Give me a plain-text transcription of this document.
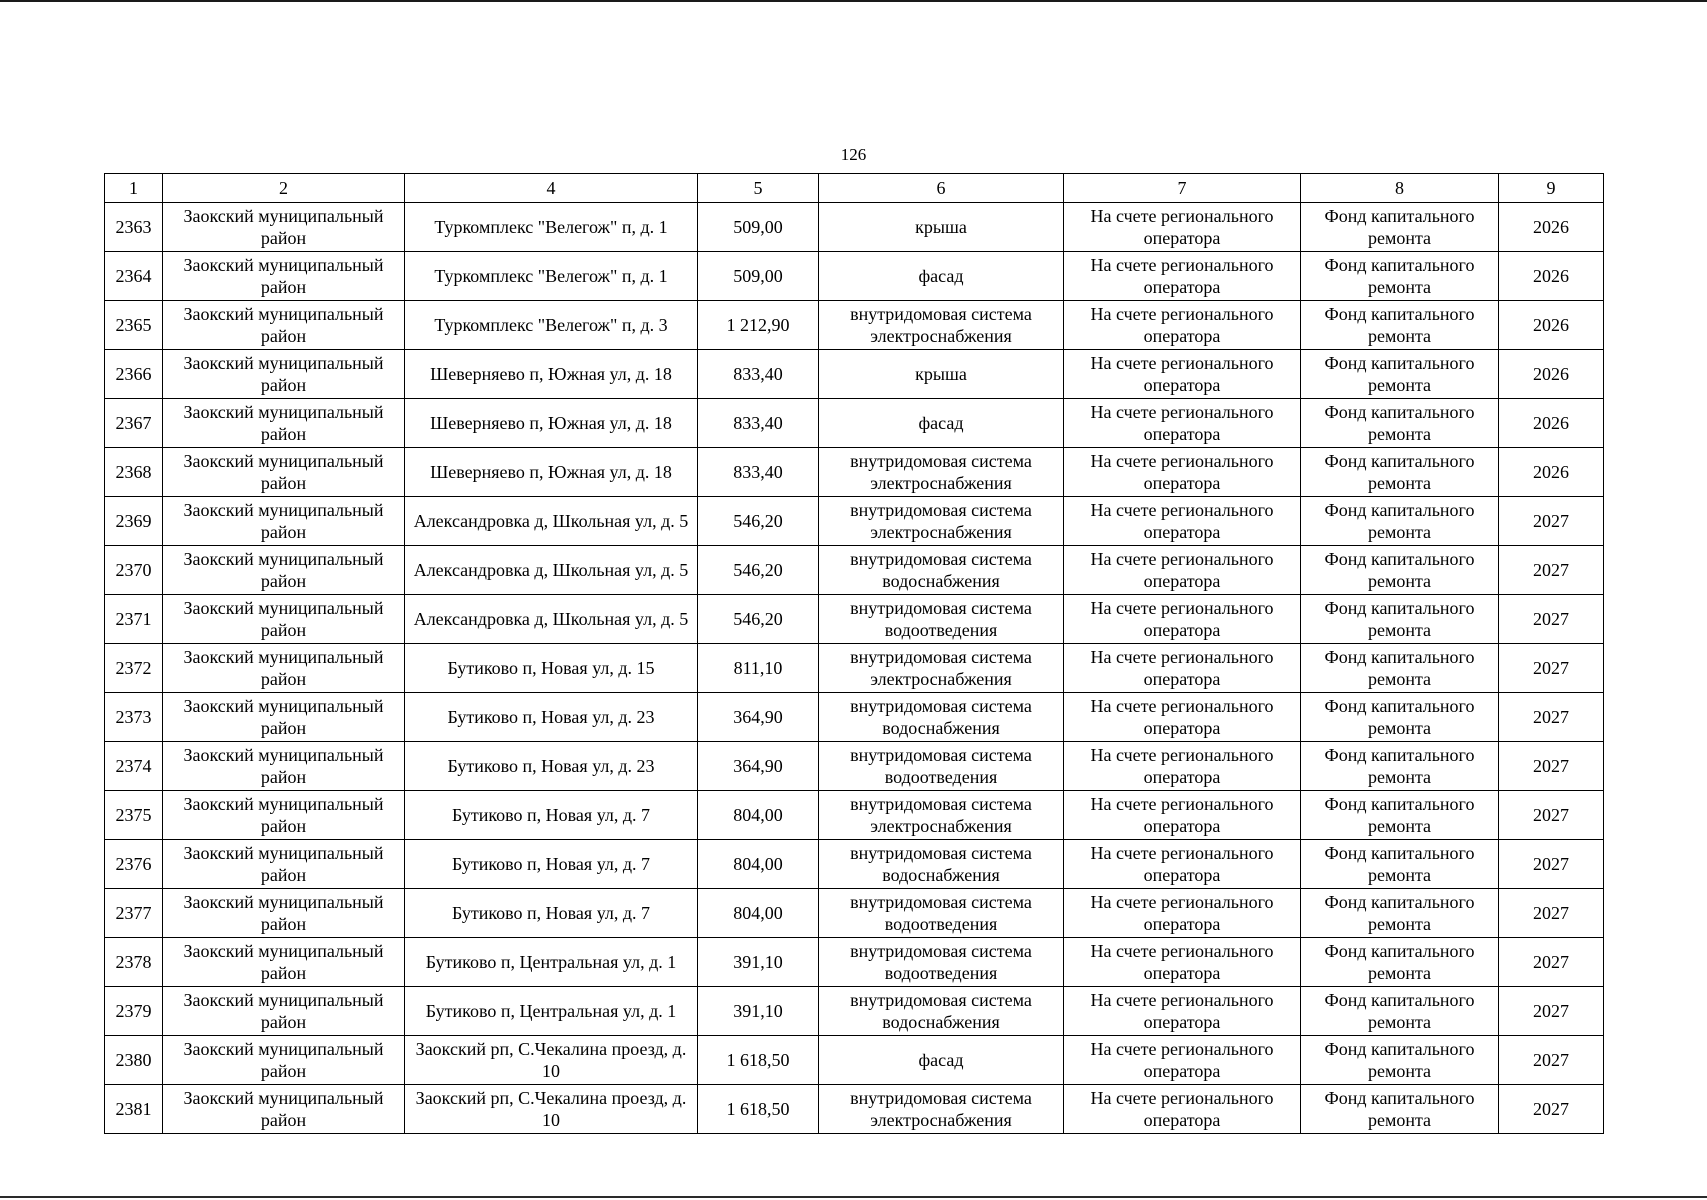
126
1	2	4	5	6	7	8	9
2363	Заокский муниципальный район	Туркомплекс "Велегож" п, д. 1	509,00	крыша	На счете регионального оператора	Фонд капитального ремонта	2026
2364	Заокский муниципальный район	Туркомплекс "Велегож" п, д. 1	509,00	фасад	На счете регионального оператора	Фонд капитального ремонта	2026
2365	Заокский муниципальный район	Туркомплекс "Велегож" п, д. 3	1 212,90	внутридомовая система электроснабжения	На счете регионального оператора	Фонд капитального ремонта	2026
2366	Заокский муниципальный район	Шеверняево п, Южная ул, д. 18	833,40	крыша	На счете регионального оператора	Фонд капитального ремонта	2026
2367	Заокский муниципальный район	Шеверняево п, Южная ул, д. 18	833,40	фасад	На счете регионального оператора	Фонд капитального ремонта	2026
2368	Заокский муниципальный район	Шеверняево п, Южная ул, д. 18	833,40	внутридомовая система электроснабжения	На счете регионального оператора	Фонд капитального ремонта	2026
2369	Заокский муниципальный район	Александровка д, Школьная ул, д. 5	546,20	внутридомовая система электроснабжения	На счете регионального оператора	Фонд капитального ремонта	2027
2370	Заокский муниципальный район	Александровка д, Школьная ул, д. 5	546,20	внутридомовая система водоснабжения	На счете регионального оператора	Фонд капитального ремонта	2027
2371	Заокский муниципальный район	Александровка д, Школьная ул, д. 5	546,20	внутридомовая система водоотведения	На счете регионального оператора	Фонд капитального ремонта	2027
2372	Заокский муниципальный район	Бутиково п, Новая ул, д. 15	811,10	внутридомовая система электроснабжения	На счете регионального оператора	Фонд капитального ремонта	2027
2373	Заокский муниципальный район	Бутиково п, Новая ул, д. 23	364,90	внутридомовая система водоснабжения	На счете регионального оператора	Фонд капитального ремонта	2027
2374	Заокский муниципальный район	Бутиково п, Новая ул, д. 23	364,90	внутридомовая система водоотведения	На счете регионального оператора	Фонд капитального ремонта	2027
2375	Заокский муниципальный район	Бутиково п, Новая ул, д. 7	804,00	внутридомовая система электроснабжения	На счете регионального оператора	Фонд капитального ремонта	2027
2376	Заокский муниципальный район	Бутиково п, Новая ул, д. 7	804,00	внутридомовая система водоснабжения	На счете регионального оператора	Фонд капитального ремонта	2027
2377	Заокский муниципальный район	Бутиково п, Новая ул, д. 7	804,00	внутридомовая система водоотведения	На счете регионального оператора	Фонд капитального ремонта	2027
2378	Заокский муниципальный район	Бутиково п, Центральная ул, д. 1	391,10	внутридомовая система водоотведения	На счете регионального оператора	Фонд капитального ремонта	2027
2379	Заокский муниципальный район	Бутиково п, Центральная ул, д. 1	391,10	внутридомовая система водоснабжения	На счете регионального оператора	Фонд капитального ремонта	2027
2380	Заокский муниципальный район	Заокский рп, С.Чекалина проезд, д. 10	1 618,50	фасад	На счете регионального оператора	Фонд капитального ремонта	2027
2381	Заокский муниципальный район	Заокский рп, С.Чекалина проезд, д. 10	1 618,50	внутридомовая система электроснабжения	На счете регионального оператора	Фонд капитального ремонта	2027
